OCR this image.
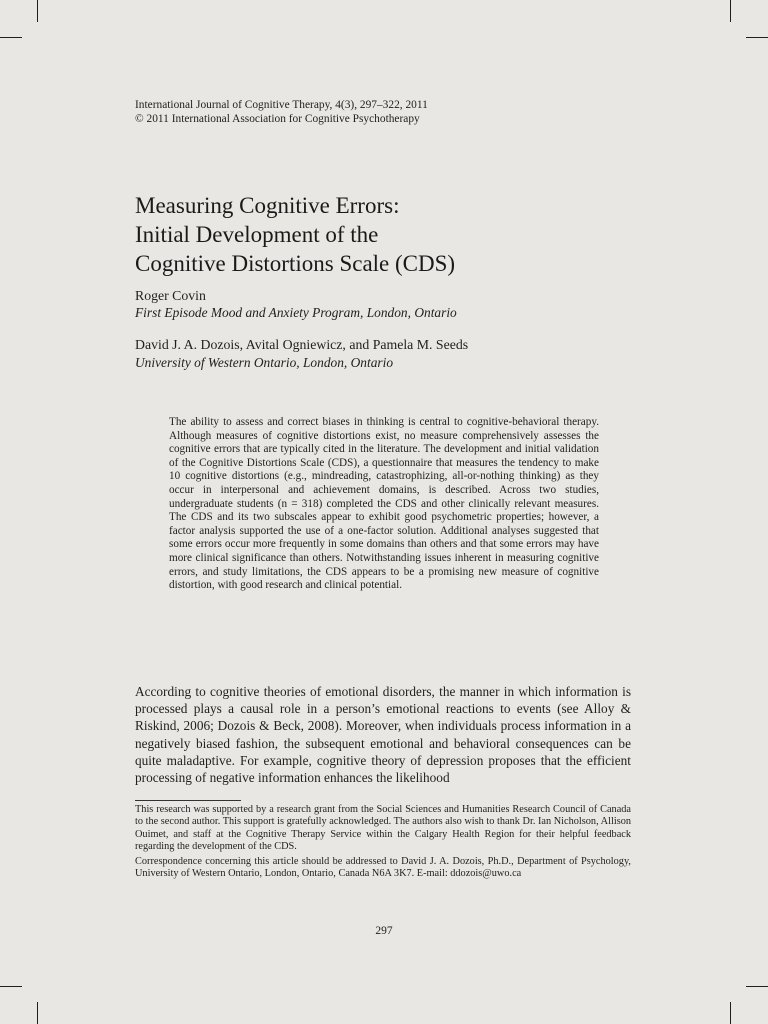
International Journal of Cognitive Therapy, 4(3), 297–322, 2011
© 2011 International Association for Cognitive Psychotherapy
Measuring Cognitive Errors:
Initial Development of the
Cognitive Distortions Scale (CDS)
Roger Covin
First Episode Mood and Anxiety Program, London, Ontario
David J. A. Dozois, Avital Ogniewicz, and Pamela M. Seeds
University of Western Ontario, London, Ontario

The ability to assess and correct biases in thinking is central to cognitive-behavioral therapy. Although measures of cognitive distortions exist, no measure comprehensively assesses the cognitive errors that are typically cited in the literature. The development and initial validation of the Cognitive Distortions Scale (CDS), a questionnaire that measures the tendency to make 10 cognitive distortions (e.g., mindreading, catastrophizing, all-or-nothing thinking) as they occur in interpersonal and achievement domains, is described. Across two studies, undergraduate students (n = 318) completed the CDS and other clinically relevant measures. The CDS and its two subscales appear to exhibit good psychometric properties; however, a factor analysis supported the use of a one-factor solution. Additional analyses suggested that some errors occur more frequently in some domains than others and that some errors may have more clinical significance than others. Notwithstanding issues inherent in measuring cognitive errors, and study limitations, the CDS appears to be a promising new measure of cognitive distortion, with good research and clinical potential.

According to cognitive theories of emotional disorders, the manner in which information is processed plays a causal role in a person’s emotional reactions to events (see Alloy & Riskind, 2006; Dozois & Beck, 2008). Moreover, when individuals process information in a negatively biased fashion, the subsequent emotional and behavioral consequences can be quite maladaptive. For example, cognitive theory of depression proposes that the efficient processing of negative information enhances the likelihood

This research was supported by a research grant from the Social Sciences and Humanities Research Council of Canada to the second author. This support is gratefully acknowledged. The authors also wish to thank Dr. Ian Nicholson, Allison Ouimet, and staff at the Cognitive Therapy Service within the Calgary Health Region for their helpful feedback regarding the development of the CDS.

Correspondence concerning this article should be addressed to David J. A. Dozois, Ph.D., Department of Psychology, University of Western Ontario, London, Ontario, Canada N6A 3K7. E-mail: ddozois@uwo.ca

297
